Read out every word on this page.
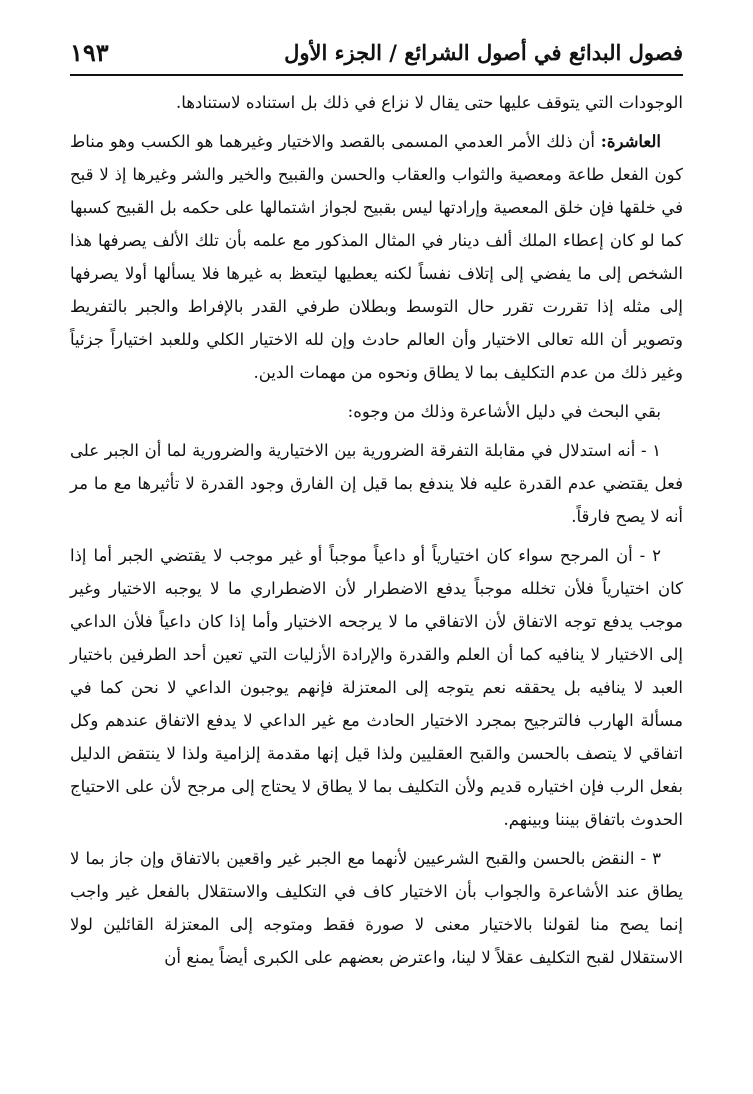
فصول البدائع في أصول الشرائع / الجزء الأول
١٩٣

الوجودات التي يتوقف عليها حتى يقال لا نزاع في ذلك بل استناده لاستنادها.

العاشرة: أن ذلك الأمر العدمي المسمى بالقصد والاختيار وغيرهما هو الكسب وهو مناط كون الفعل طاعة ومعصية والثواب والعقاب والحسن والقبيح والخير والشر وغيرها إذ لا قبح في خلقها فإن خلق المعصية وإرادتها ليس بقبيح لجواز اشتمالها على حكمه بل القبيح كسبها كما لو كان إعطاء الملك ألف دينار في المثال المذكور مع علمه بأن تلك الألف يصرفها هذا الشخص إلى ما يفضي إلى إتلاف نفساً لكنه يعطيها ليتعظ به غيرها فلا يسألها أولا يصرفها إلى مثله إذا تقررت تقرر حال التوسط وبطلان طرفي القدر بالإفراط والجبر بالتفريط وتصوير أن الله تعالى الاختيار وأن العالم حادث وإن لله الاختيار الكلي وللعبد اختياراً جزئياً وغير ذلك من عدم التكليف بما لا يطاق ونحوه من مهمات الدين.

بقي البحث في دليل الأشاعرة وذلك من وجوه:

١ - أنه استدلال في مقابلة التفرقة الضرورية بين الاختيارية والضرورية لما أن الجبر على فعل يقتضي عدم القدرة عليه فلا يندفع بما قيل إن الفارق وجود القدرة لا تأثيرها مع ما مر أنه لا يصح فارقاً.

٢ - أن المرجح سواء كان اختيارياً أو داعياً موجباً أو غير موجب لا يقتضي الجبر أما إذا كان اختيارياً فلأن تخلله موجباً يدفع الاضطرار لأن الاضطراري ما لا يوجبه الاختيار وغير موجب يدفع توجه الاتفاق لأن الاتفاقي ما لا يرجحه الاختيار وأما إذا كان داعياً فلأن الداعي إلى الاختيار لا ينافيه كما أن العلم والقدرة والإرادة الأزليات التي تعين أحد الطرفين باختيار العبد لا ينافيه بل يحققه نعم يتوجه إلى المعتزلة فإنهم يوجبون الداعي لا نحن كما في مسألة الهارب فالترجيح بمجرد الاختيار الحادث مع غير الداعي لا يدفع الاتفاق عندهم وكل اتفاقي لا يتصف بالحسن والقبح العقليين ولذا قيل إنها مقدمة إلزامية ولذا لا ينتقض الدليل بفعل الرب فإن اختياره قديم ولأن التكليف بما لا يطاق لا يحتاج إلى مرجح لأن على الاحتياج الحدوث باتفاق بيننا وبينهم.

٣ - النقض بالحسن والقبح الشرعيين لأنهما مع الجبر غير واقعين بالاتفاق وإن جاز بما لا يطاق عند الأشاعرة والجواب بأن الاختيار كاف في التكليف والاستقلال بالفعل غير واجب إنما يصح منا لقولنا بالاختيار معنى لا صورة فقط ومتوجه إلى المعتزلة القائلين لولا الاستقلال لقبح التكليف عقلاً لا لينا، واعترض بعضهم على الكبرى أيضاً يمنع أن
